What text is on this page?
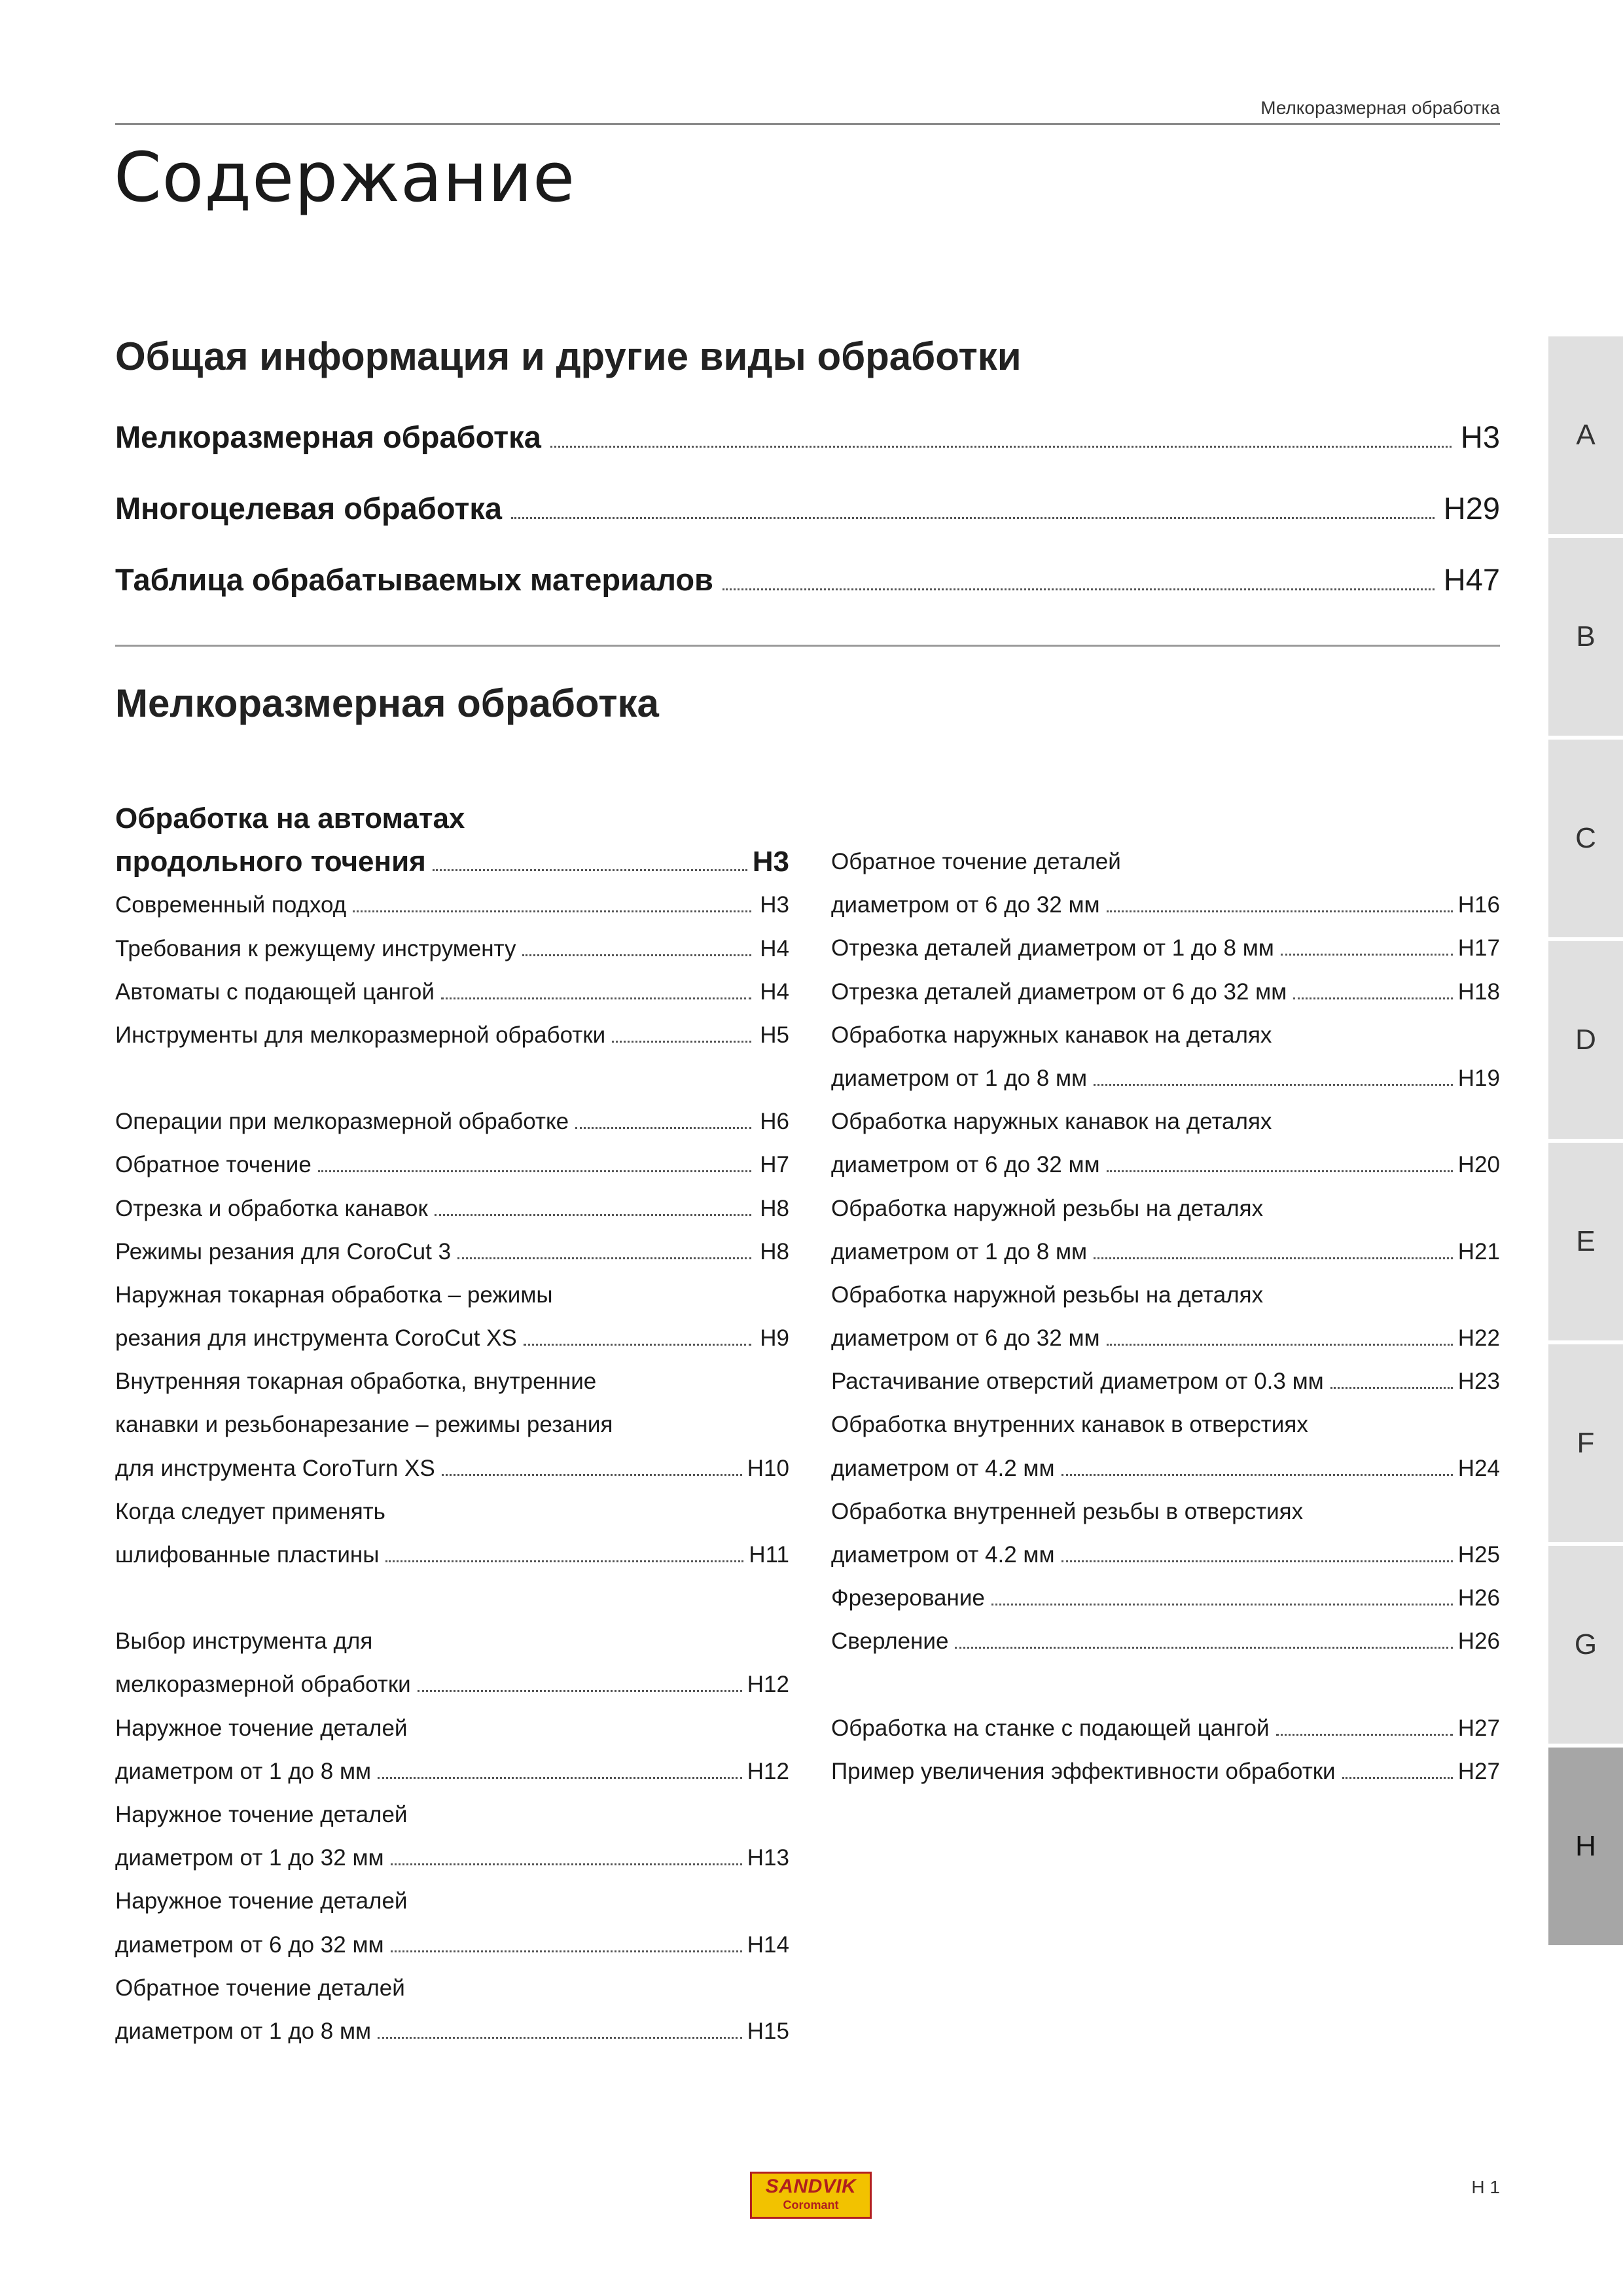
Мелкоразмерная обработка
Содержание
Общая информация и другие виды обработки
Мелкоразмерная обработка	H3
Многоцелевая обработка	H29
Таблица обрабатываемых материалов	H47
Мелкоразмерная обработка
Обработка на автоматах
продольного точения	H3
Современный подход	H3
Требования к режущему инструменту	H4
Автоматы с подающей цангой	H4
Инструменты для мелкоразмерной обработки	H5
Операции при мелкоразмерной обработке	H6
Обратное точение	H7
Отрезка и обработка канавок	H8
Режимы резания для CoroCut 3	H8
Наружная токарная обработка – режимы
резания для инструмента CoroCut XS	H9
Внутренняя токарная обработка, внутренние
канавки и резьбонарезание – режимы резания
для инструмента CoroTurn XS	H10
Когда следует применять
шлифованные пластины	H11
Выбор инструмента для
мелкоразмерной обработки	H12
Наружное точение деталей
диаметром от 1 до 8 мм	H12
Наружное точение деталей
диаметром от 1 до 32 мм	H13
Наружное точение деталей
диаметром от 6 до 32 мм	H14
Обратное точение деталей
диаметром от 1 до 8 мм	H15
Обратное точение деталей
диаметром от 6 до 32 мм	H16
Отрезка деталей диаметром от 1 до 8 мм	H17
Отрезка деталей диаметром от 6 до 32 мм	H18
Обработка наружных канавок на деталях
диаметром от 1 до 8 мм	H19
Обработка наружных канавок на деталях
диаметром от 6 до 32 мм	H20
Обработка наружной резьбы на деталях
диаметром от 1 до 8 мм	H21
Обработка наружной резьбы на деталях
диаметром от 6 до 32 мм	H22
Растачивание отверстий диаметром от 0.3 мм	H23
Обработка внутренних канавок в отверстиях
диаметром от 4.2 мм	H24
Обработка внутренней резьбы в отверстиях
диаметром от 4.2 мм	H25
Фрезерование	H26
Сверление	H26
Обработка на станке с подающей цангой	H27
Пример увеличения эффективности обработки	H27
A
B
C
D
E
F
G
H
SANDVIK
Coromant
H 1
